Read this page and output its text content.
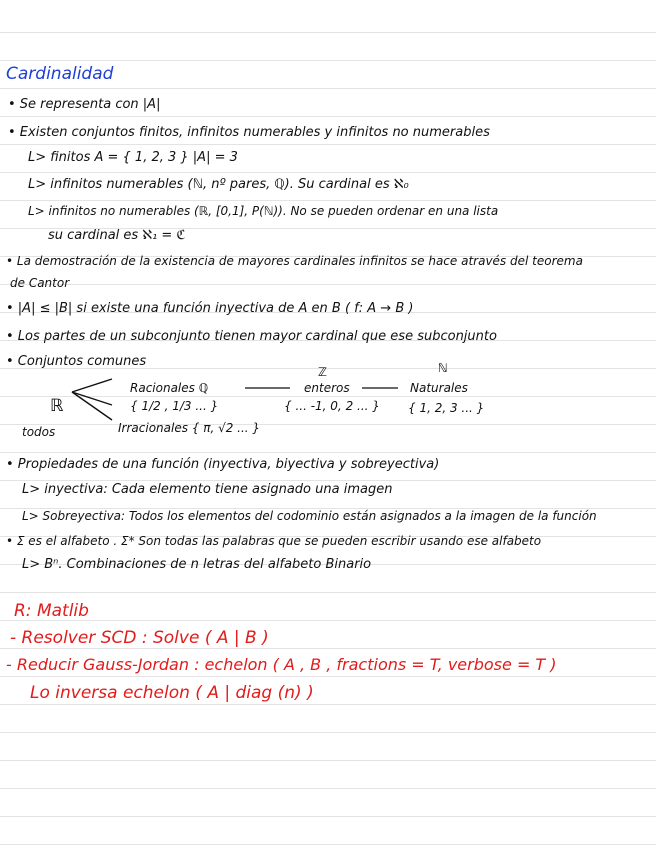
Cardinalidad
• Se representa con |A|
• Existen conjuntos finitos, infinitos numerables y infinitos no numerables
L> finitos A = { 1, 2, 3 } |A| = 3
L> infinitos numerables (ℕ, nº pares, ℚ). Su cardinal es ℵ₀
L> infinitos no numerables (ℝ, [0,1], P(ℕ)). No se pueden ordenar en una lista
su cardinal es ℵ₁ = ℭ
• La demostración de la existencia de mayores cardinales infinitos se hace através del teorema
de Cantor
• |A| ≤ |B| si existe una función inyectiva de A en B ( f: A → B )
• Los partes de un subconjunto tienen mayor cardinal que ese subconjunto
• Conjuntos comunes
ℝ
todos
Racionales ℚ
{ 1/2 , 1/3 ... }
Irracionales { π, √2 ... }
ℤ
enteros
{ ... -1, 0, 2 ... }
ℕ
Naturales
{ 1, 2, 3 ... }
• Propiedades de una función (inyectiva, biyectiva y sobreyectiva)
L> inyectiva: Cada elemento tiene asignado una imagen
L> Sobreyectiva: Todos los elementos del codominio están asignados a la imagen de la función
• Σ es el alfabeto . Σ* Son todas las palabras que se pueden escribir usando ese alfabeto
L> Bⁿ. Combinaciones de n letras del alfabeto Binario
R: Matlib
- Resolver SCD : Solve ( A | B )
- Reducir Gauss-Jordan : echelon ( A , B , fractions = T, verbose = T )
Lo inversa echelon ( A | diag (n) )
